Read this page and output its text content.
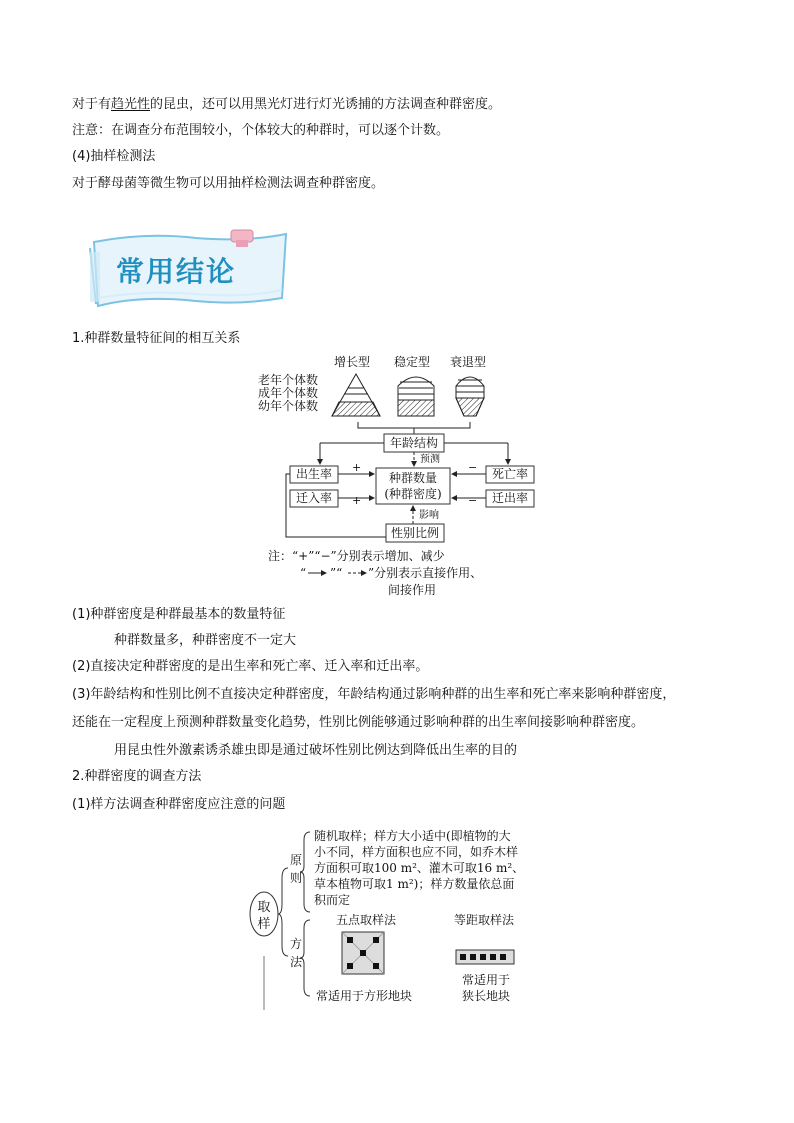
对于有趋光性的昆虫，还可以用黑光灯进行灯光诱捕的方法调查种群密度。
注意：在调查分布范围较小，个体较大的种群时，可以逐个计数。
(4)抽样检测法
对于酵母菌等微生物可以用抽样检测法调查种群密度。
常用结论
1.种群数量特征间的相互关系
增长型 稳定型 衰退型
老年个体数
成年个体数
幼年个体数
年龄结构
预测
出生率
迁入率
死亡率
迁出率
种群数量
(种群密度)
+
+
−
−
影响
性别比例
注：“+”“−”分别表示增加、减少
“ ”“ ”分别表示直接作用、
间接作用
(1)种群密度是种群最基本的数量特征
种群数量多，种群密度不一定大
(2)直接决定种群密度的是出生率和死亡率、迁入率和迁出率。
(3)年龄结构和性别比例不直接决定种群密度，年龄结构通过影响种群的出生率和死亡率来影响种群密度，
还能在一定程度上预测种群数量变化趋势，性别比例能够通过影响种群的出生率间接影响种群密度。
用昆虫性外激素诱杀雄虫即是通过破坏性别比例达到降低出生率的目的
2.种群密度的调查方法
(1)样方法调查种群密度应注意的问题
取
样
原
则
随机取样；样方大小适中(即植物的大
小不同，样方面积也应不同，如乔木样
方面积可取100 m²、灌木可取16 m²、
草本植物可取1 m²)；样方数量依总面
积而定
方
法
五点取样法
常适用于方形地块
等距取样法
常适用于
狭长地块
